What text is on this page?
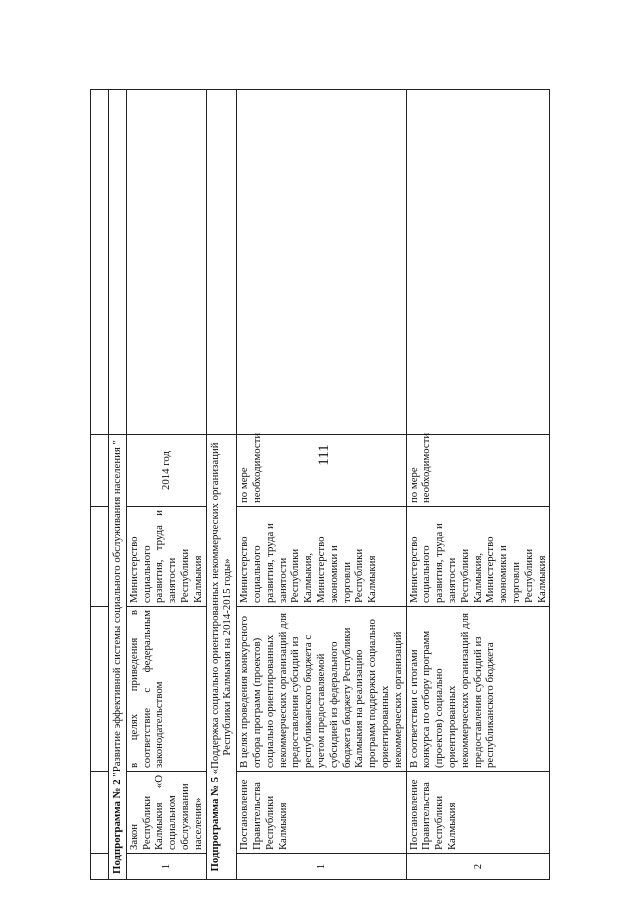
111

Подпрограмма № 2 "Развитие эффективной системы социального обслуживания населения "					
1	Закон Республики Калмыкия «О социальном обслуживании населения»	в целях приведения в соответствие с федеральным законодательством	Министерство социального развития, труда и занятости Республики Калмыкия	2014 год	
Подпрограмма № 5 «Поддержка социально ориентированных некоммерческих организаций Республики Калмыкия на 2014-2015 годы»					
1	Постановление Правительства Республики Калмыкия	В целях проведения конкурсного отбора программ (проектов) социально ориентированных некоммерческих организаций для предоставления субсидий из республиканского бюджета с учетом предоставляемой субсидией из федерального бюджета бюджету Республики Калмыкия на реализацию программ поддержки социально ориентированных некоммерческих организаций	Министерство социального развития, труда и занятости Республики Калмыкия, Министерство экономики и торговли Республики Калмыкия	по мере необходимости	
2	Постановление Правительства Республики Калмыкия	В соответствии с итогами конкурса по отбору программ (проектов) социально ориентированных некоммерческих организаций для предоставления субсидий из республиканского бюджета	Министерство социального развития, труда и занятости Республики Калмыкия, Министерство экономики и торговли Республики Калмыкия	по мере необходимости	
